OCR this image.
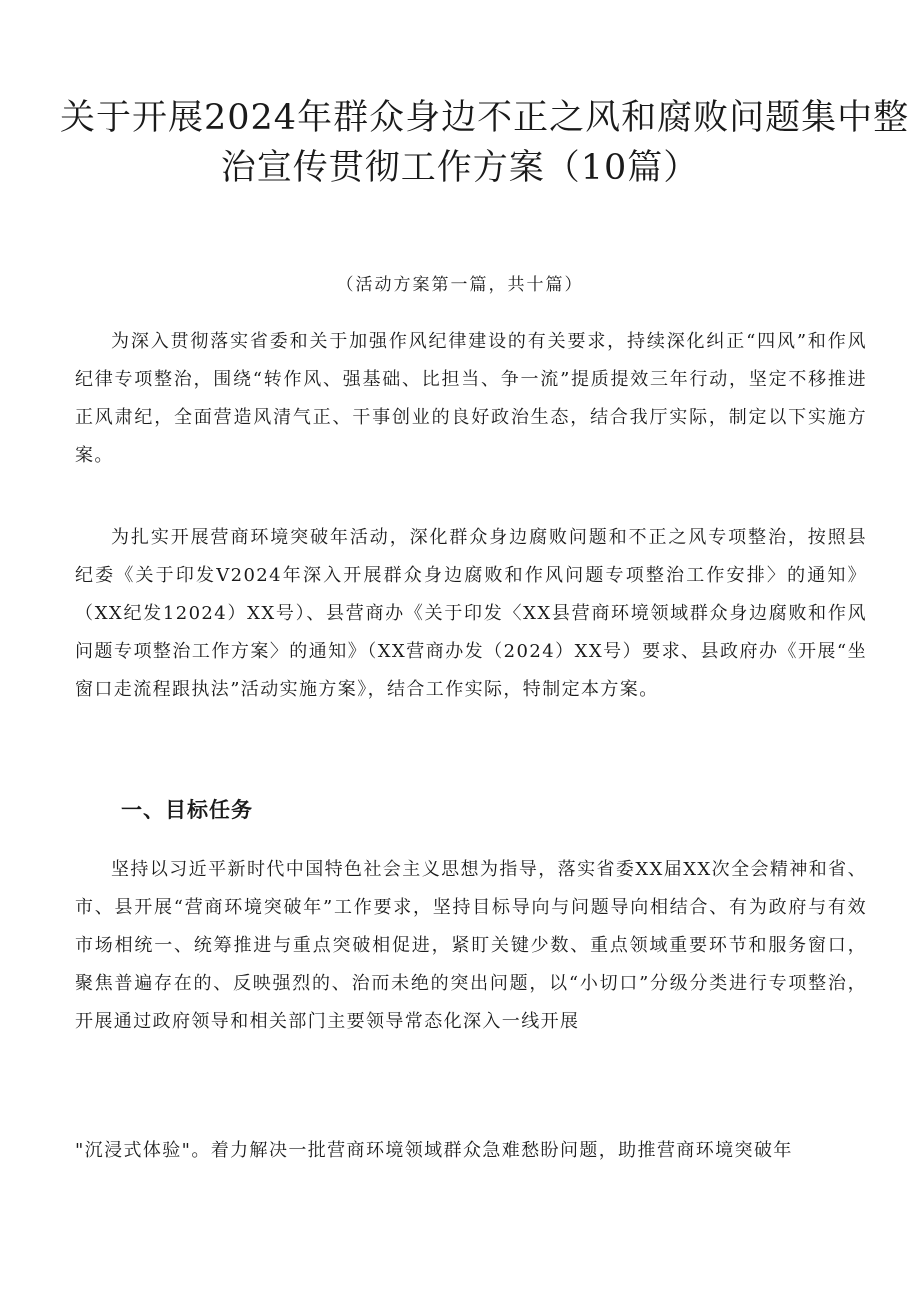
关于开展2024年群众身边不正之风和腐败问题集中整
治宣传贯彻工作方案（10篇）

（活动方案第一篇，共十篇）

为深入贯彻落实省委和关于加强作风纪律建设的有关要求，持续深化纠正“四风”和作风纪律专项整治，围绕“转作风、强基础、比担当、争一流”提质提效三年行动，坚定不移推进正风肃纪，全面营造风清气正、干事创业的良好政治生态，结合我厅实际，制定以下实施方案。

为扎实开展营商环境突破年活动，深化群众身边腐败问题和不正之风专项整治，按照县纪委《关于印发V2024年深入开展群众身边腐败和作风问题专项整治工作安排〉的通知》（XX纪发12024）XX号）、县营商办《关于印发〈XX县营商环境领域群众身边腐败和作风问题专项整治工作方案〉的通知》（XX营商办发（2024）XX号）要求、县政府办《开展“坐窗口走流程跟执法”活动实施方案》，结合工作实际，特制定本方案。

一、目标任务

坚持以习近平新时代中国特色社会主义思想为指导，落实省委XX届XX次全会精神和省、市、县开展“营商环境突破年”工作要求，坚持目标导向与问题导向相结合、有为政府与有效市场相统一、统筹推进与重点突破相促进，紧盯关键少数、重点领域重要环节和服务窗口，聚焦普遍存在的、反映强烈的、治而未绝的突出问题，以“小切口”分级分类进行专项整治，开展通过政府领导和相关部门主要领导常态化深入一线开展

"沉浸式体验"。着力解决一批营商环境领域群众急难愁盼问题，助推营商环境突破年
